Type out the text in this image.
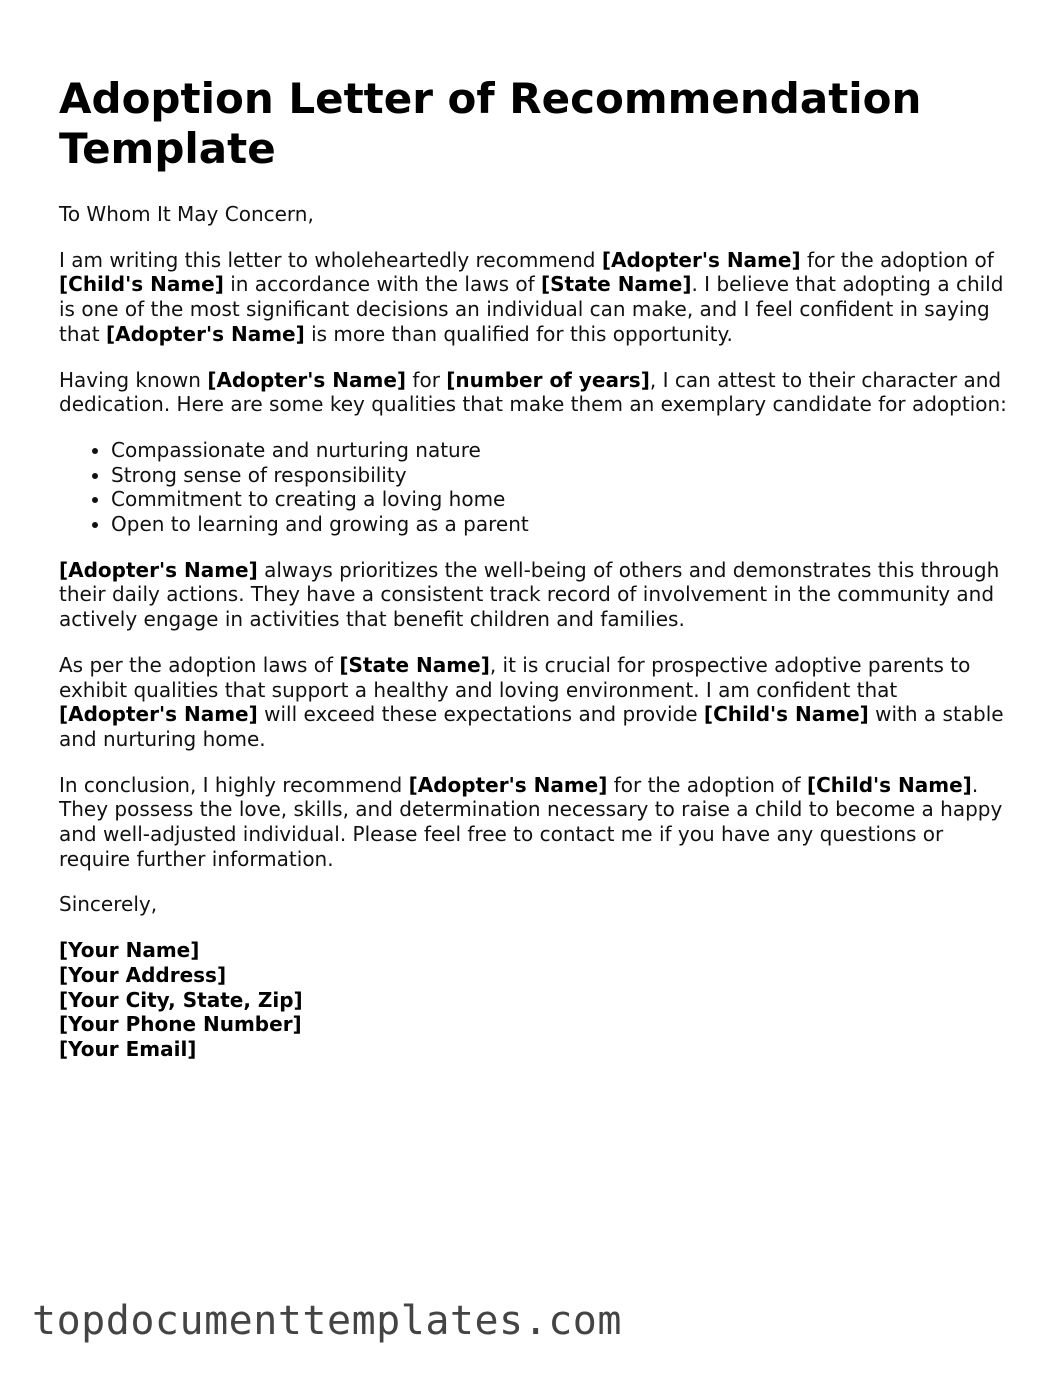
Adoption Letter of Recommendation Template

To Whom It May Concern,

I am writing this letter to wholeheartedly recommend [Adopter's Name] for the adoption of [Child's Name] in accordance with the laws of [State Name]. I believe that adopting a child is one of the most significant decisions an individual can make, and I feel confident in saying that [Adopter's Name] is more than qualified for this opportunity.

Having known [Adopter's Name] for [number of years], I can attest to their character and dedication. Here are some key qualities that make them an exemplary candidate for adoption:

• Compassionate and nurturing nature
• Strong sense of responsibility
• Commitment to creating a loving home
• Open to learning and growing as a parent

[Adopter's Name] always prioritizes the well-being of others and demonstrates this through their daily actions. They have a consistent track record of involvement in the community and actively engage in activities that benefit children and families.

As per the adoption laws of [State Name], it is crucial for prospective adoptive parents to exhibit qualities that support a healthy and loving environment. I am confident that [Adopter's Name] will exceed these expectations and provide [Child's Name] with a stable and nurturing home.

In conclusion, I highly recommend [Adopter's Name] for the adoption of [Child's Name]. They possess the love, skills, and determination necessary to raise a child to become a happy and well-adjusted individual. Please feel free to contact me if you have any questions or require further information.

Sincerely,

[Your Name]
[Your Address]
[Your City, State, Zip]
[Your Phone Number]
[Your Email]
topdocumenttemplates.com
